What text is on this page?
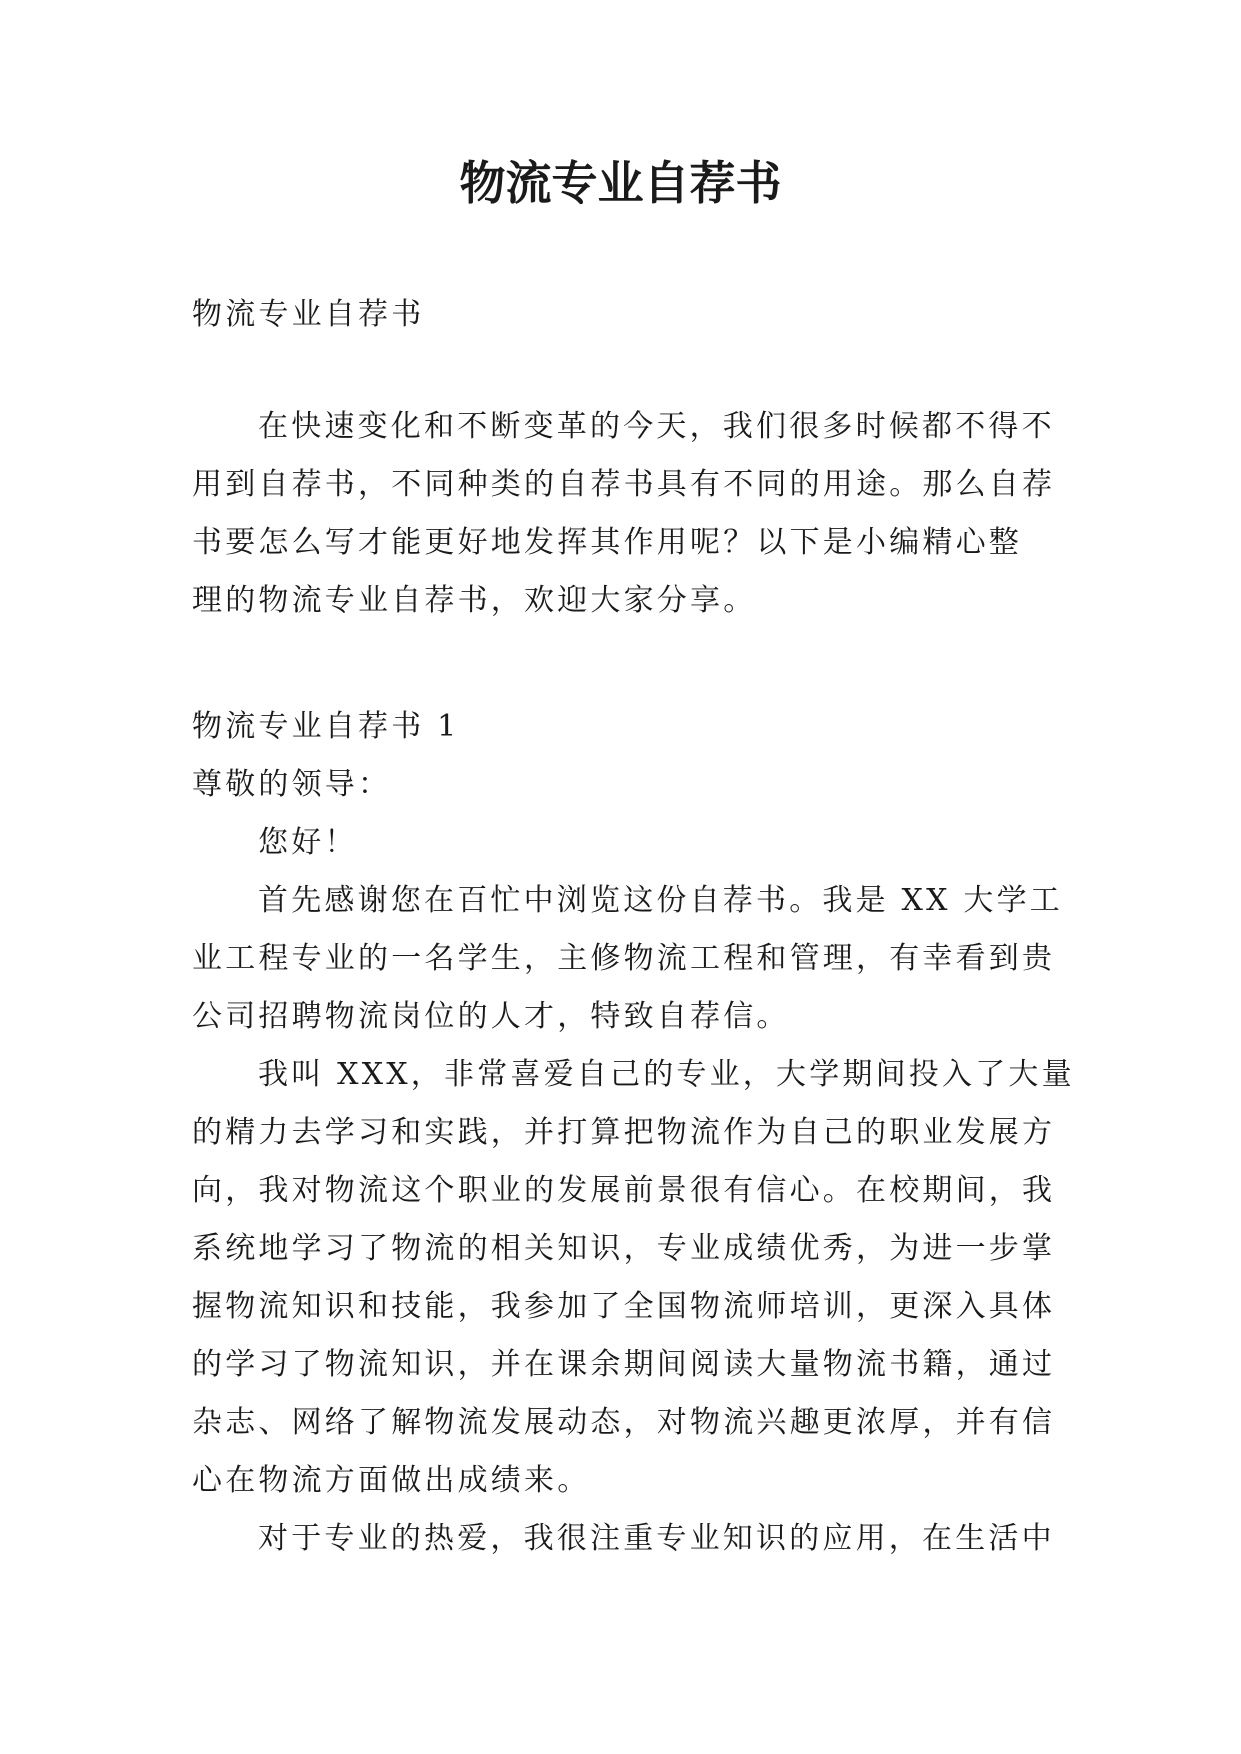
物流专业自荐书

物流专业自荐书

在快速变化和不断变革的今天，我们很多时候都不得不
用到自荐书，不同种类的自荐书具有不同的用途。那么自荐
书要怎么写才能更好地发挥其作用呢？以下是小编精心整
理的物流专业自荐书，欢迎大家分享。

物流专业自荐书 1

尊敬的领导：

您好！

首先感谢您在百忙中浏览这份自荐书。我是 XX 大学工
业工程专业的一名学生，主修物流工程和管理，有幸看到贵
公司招聘物流岗位的人才，特致自荐信。
我叫 XXX，非常喜爱自己的专业，大学期间投入了大量
的精力去学习和实践，并打算把物流作为自己的职业发展方
向，我对物流这个职业的发展前景很有信心。在校期间，我
系统地学习了物流的相关知识，专业成绩优秀，为进一步掌
握物流知识和技能，我参加了全国物流师培训，更深入具体
的学习了物流知识，并在课余期间阅读大量物流书籍，通过
杂志、网络了解物流发展动态，对物流兴趣更浓厚，并有信
心在物流方面做出成绩来。
对于专业的热爱，我很注重专业知识的应用，在生活中
